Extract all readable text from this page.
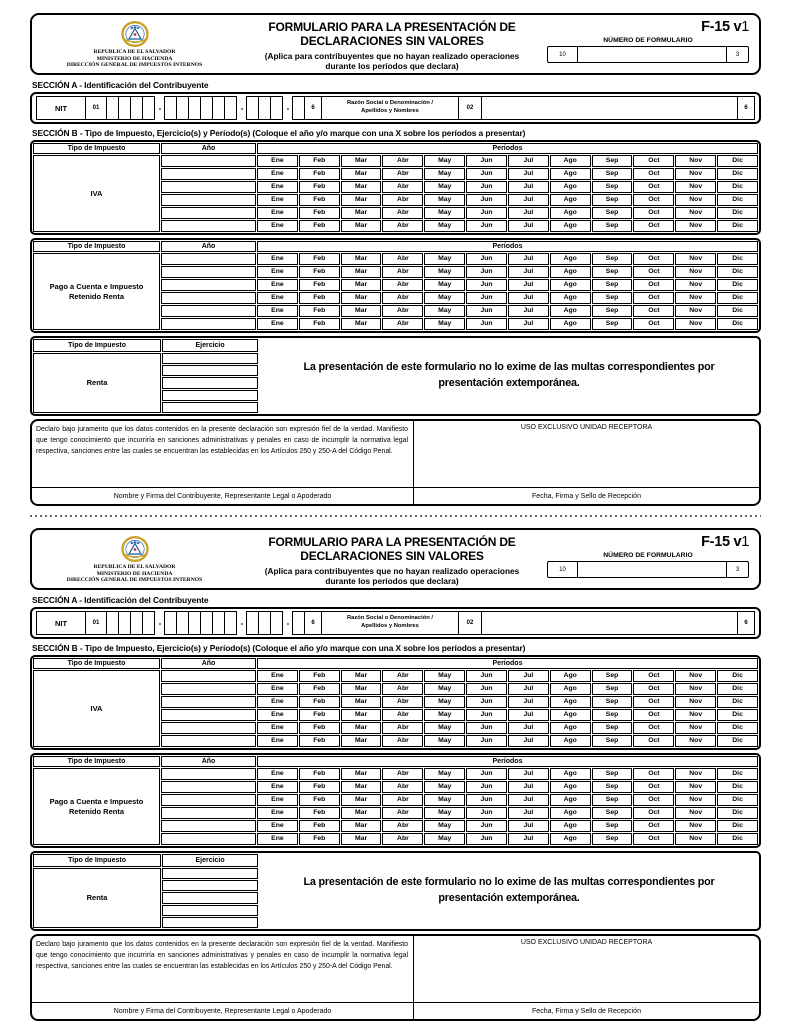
REPUBLICA DE EL SALVADOR
MINISTERIO DE HACIENDA
DIRECCIÓN GENERAL DE IMPUESTOS INTERNOS
FORMULARIO PARA LA PRESENTACIÓN DE
DECLARACIONES SIN VALORES
(Aplica para contribuyentes que no hayan realizado operaciones
durante los períodos que declara)
F-15 v1
NÚMERO DE FORMULARIO
10	3
SECCIÓN A - Identificación del Contribuyente
NIT	01	-	-	-	6
Razón Social o Denominación /
Apellidos y Nombres	02	6
SECCIÓN B - Tipo de Impuesto, Ejercicio(s) y Período(s) (Coloque el año y/o marque con una X sobre los períodos a presentar)
Tipo de Impuesto	Año	Períodos											
IVA		Ene	Feb	Mar	Abr	May	Jun	Jul	Ago	Sep	Oct	Nov	Dic
		Ene	Feb	Mar	Abr	May	Jun	Jul	Ago	Sep	Oct	Nov	Dic
		Ene	Feb	Mar	Abr	May	Jun	Jul	Ago	Sep	Oct	Nov	Dic
		Ene	Feb	Mar	Abr	May	Jun	Jul	Ago	Sep	Oct	Nov	Dic
		Ene	Feb	Mar	Abr	May	Jun	Jul	Ago	Sep	Oct	Nov	Dic
		Ene	Feb	Mar	Abr	May	Jun	Jul	Ago	Sep	Oct	Nov	Dic
Tipo de Impuesto	Año	Períodos											
Pago a Cuenta e Impuesto Retenido Renta		Ene	Feb	Mar	Abr	May	Jun	Jul	Ago	Sep	Oct	Nov	Dic
		Ene	Feb	Mar	Abr	May	Jun	Jul	Ago	Sep	Oct	Nov	Dic
		Ene	Feb	Mar	Abr	May	Jun	Jul	Ago	Sep	Oct	Nov	Dic
		Ene	Feb	Mar	Abr	May	Jun	Jul	Ago	Sep	Oct	Nov	Dic
		Ene	Feb	Mar	Abr	May	Jun	Jul	Ago	Sep	Oct	Nov	Dic
		Ene	Feb	Mar	Abr	May	Jun	Jul	Ago	Sep	Oct	Nov	Dic
Tipo de Impuesto	Ejercicio
Renta	

La presentación de este formulario no lo exime de las multas correspondientes por presentación extemporánea.
Declaro bajo juramento que los datos contenidos en la presente declaración son expresión fiel de la verdad. Manifiesto que tengo conocimiento que incurriría en sanciones administrativas y penales en caso de incumplir la normativa legal respectiva, sanciones entre las cuales se encuentran las establecidas en los Artículos 250 y 250-A del Código Penal.
USO EXCLUSIVO UNIDAD RECEPTORA
Nombre y Firma del Contribuyente, Representante Legal o Apoderado	Fecha, Firma y Sello de Recepción
REPUBLICA DE EL SALVADOR
MINISTERIO DE HACIENDA
DIRECCIÓN GENERAL DE IMPUESTOS INTERNOS
FORMULARIO PARA LA PRESENTACIÓN DE
DECLARACIONES SIN VALORES
(Aplica para contribuyentes que no hayan realizado operaciones
durante los períodos que declara)
F-15 v1
NÚMERO DE FORMULARIO
10	3
SECCIÓN A - Identificación del Contribuyente
NIT	01	-	-	-	6
Razón Social o Denominación /
Apellidos y Nombres	02	6
SECCIÓN B - Tipo de Impuesto, Ejercicio(s) y Período(s) (Coloque el año y/o marque con una X sobre los períodos a presentar)
Tipo de Impuesto	Año	Períodos											
IVA		Ene	Feb	Mar	Abr	May	Jun	Jul	Ago	Sep	Oct	Nov	Dic
		Ene	Feb	Mar	Abr	May	Jun	Jul	Ago	Sep	Oct	Nov	Dic
		Ene	Feb	Mar	Abr	May	Jun	Jul	Ago	Sep	Oct	Nov	Dic
		Ene	Feb	Mar	Abr	May	Jun	Jul	Ago	Sep	Oct	Nov	Dic
		Ene	Feb	Mar	Abr	May	Jun	Jul	Ago	Sep	Oct	Nov	Dic
		Ene	Feb	Mar	Abr	May	Jun	Jul	Ago	Sep	Oct	Nov	Dic
Tipo de Impuesto	Año	Períodos											
Pago a Cuenta e Impuesto Retenido Renta		Ene	Feb	Mar	Abr	May	Jun	Jul	Ago	Sep	Oct	Nov	Dic
		Ene	Feb	Mar	Abr	May	Jun	Jul	Ago	Sep	Oct	Nov	Dic
		Ene	Feb	Mar	Abr	May	Jun	Jul	Ago	Sep	Oct	Nov	Dic
		Ene	Feb	Mar	Abr	May	Jun	Jul	Ago	Sep	Oct	Nov	Dic
		Ene	Feb	Mar	Abr	May	Jun	Jul	Ago	Sep	Oct	Nov	Dic
		Ene	Feb	Mar	Abr	May	Jun	Jul	Ago	Sep	Oct	Nov	Dic
Tipo de Impuesto	Ejercicio
Renta	

La presentación de este formulario no lo exime de las multas correspondientes por presentación extemporánea.
Declaro bajo juramento que los datos contenidos en la presente declaración son expresión fiel de la verdad. Manifiesto que tengo conocimiento que incurriría en sanciones administrativas y penales en caso de incumplir la normativa legal respectiva, sanciones entre las cuales se encuentran las establecidas en los Artículos 250 y 250-A del Código Penal.
USO EXCLUSIVO UNIDAD RECEPTORA
Nombre y Firma del Contribuyente, Representante Legal o Apoderado	Fecha, Firma y Sello de Recepción
